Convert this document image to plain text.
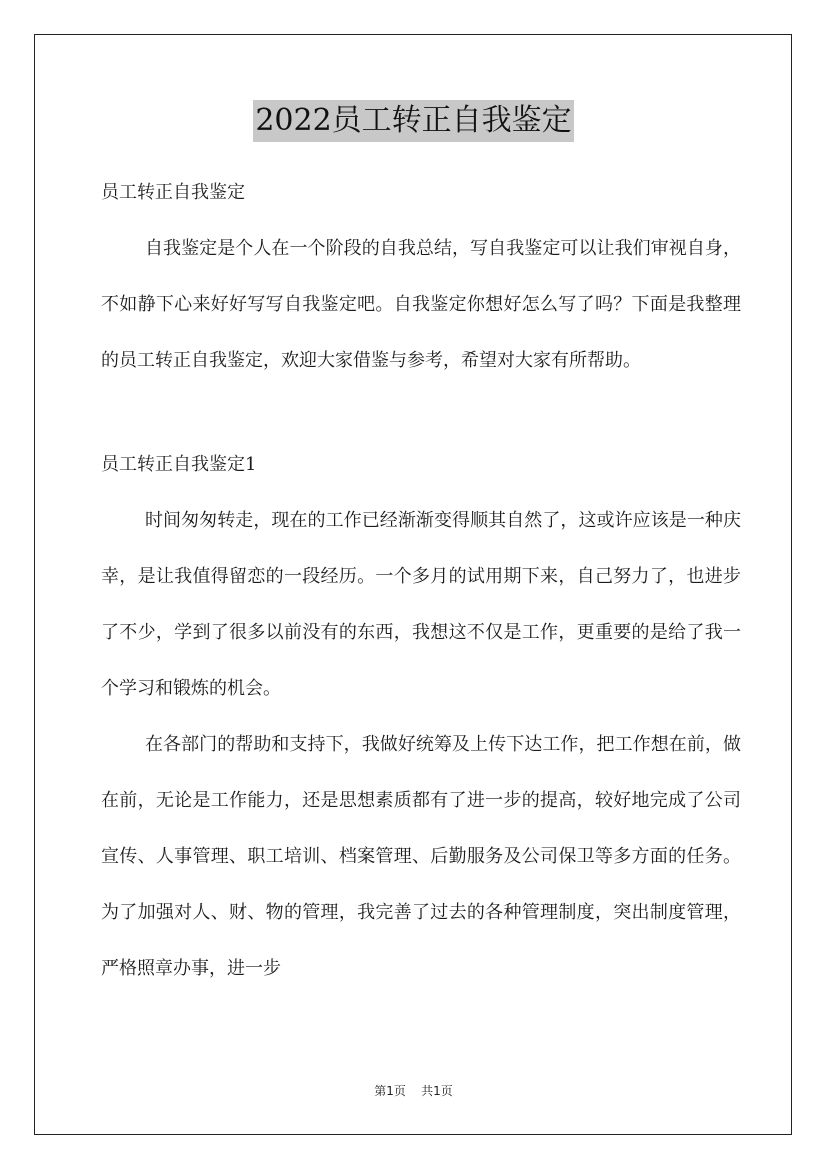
2022员工转正自我鉴定
员工转正自我鉴定

自我鉴定是个人在一个阶段的自我总结，写自我鉴定可以让我们审视自身，不如静下心来好好写写自我鉴定吧。自我鉴定你想好怎么写了吗？下面是我整理的员工转正自我鉴定，欢迎大家借鉴与参考，希望对大家有所帮助。

员工转正自我鉴定1

时间匆匆转走，现在的工作已经渐渐变得顺其自然了，这或许应该是一种庆幸，是让我值得留恋的一段经历。一个多月的试用期下来，自己努力了，也进步了不少，学到了很多以前没有的东西，我想这不仅是工作，更重要的是给了我一个学习和锻炼的机会。

在各部门的帮助和支持下，我做好统筹及上传下达工作，把工作想在前，做在前，无论是工作能力，还是思想素质都有了进一步的提高，较好地完成了公司宣传、人事管理、职工培训、档案管理、后勤服务及公司保卫等多方面的任务。为了加强对人、财、物的管理，我完善了过去的各种管理制度，突出制度管理，严格照章办事，进一步

第1页 共1页
